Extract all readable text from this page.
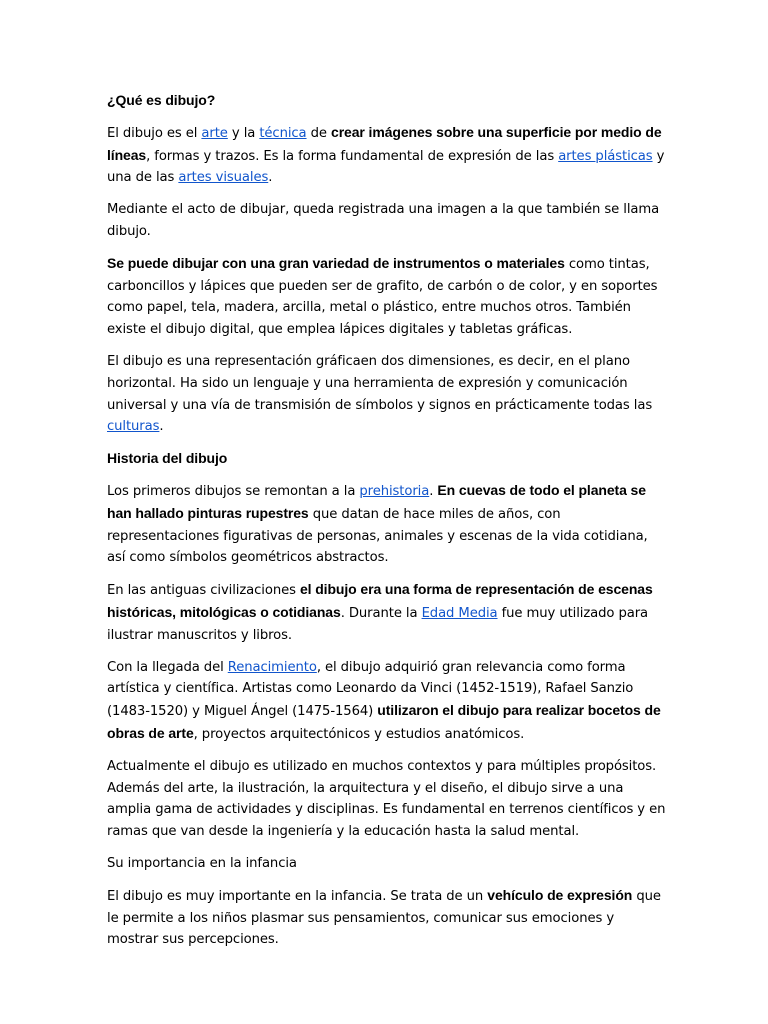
¿Qué es dibujo?

El dibujo es el arte y la técnica de crear imágenes sobre una superficie por medio de líneas, formas y trazos. Es la forma fundamental de expresión de las artes plásticas y una de las artes visuales.

Mediante el acto de dibujar, queda registrada una imagen a la que también se llama dibujo.

Se puede dibujar con una gran variedad de instrumentos o materiales como tintas, carboncillos y lápices que pueden ser de grafito, de carbón o de color, y en soportes como papel, tela, madera, arcilla, metal o plástico, entre muchos otros. También existe el dibujo digital, que emplea lápices digitales y tabletas gráficas.

El dibujo es una representación gráficaen dos dimensiones, es decir, en el plano horizontal. Ha sido un lenguaje y una herramienta de expresión y comunicación universal y una vía de transmisión de símbolos y signos en prácticamente todas las culturas.

Historia del dibujo

Los primeros dibujos se remontan a la prehistoria. En cuevas de todo el planeta se han hallado pinturas rupestres que datan de hace miles de años, con representaciones figurativas de personas, animales y escenas de la vida cotidiana, así como símbolos geométricos abstractos.

En las antiguas civilizaciones el dibujo era una forma de representación de escenas históricas, mitológicas o cotidianas. Durante la Edad Media fue muy utilizado para ilustrar manuscritos y libros.

Con la llegada del Renacimiento, el dibujo adquirió gran relevancia como forma artística y científica. Artistas como Leonardo da Vinci (1452-1519), Rafael Sanzio (1483-1520) y Miguel Ángel (1475-1564) utilizaron el dibujo para realizar bocetos de obras de arte, proyectos arquitectónicos y estudios anatómicos.

Actualmente el dibujo es utilizado en muchos contextos y para múltiples propósitos. Además del arte, la ilustración, la arquitectura y el diseño, el dibujo sirve a una amplia gama de actividades y disciplinas. Es fundamental en terrenos científicos y en ramas que van desde la ingeniería y la educación hasta la salud mental.

Su importancia en la infancia

El dibujo es muy importante en la infancia. Se trata de un vehículo de expresión que le permite a los niños plasmar sus pensamientos, comunicar sus emociones y mostrar sus percepciones.
